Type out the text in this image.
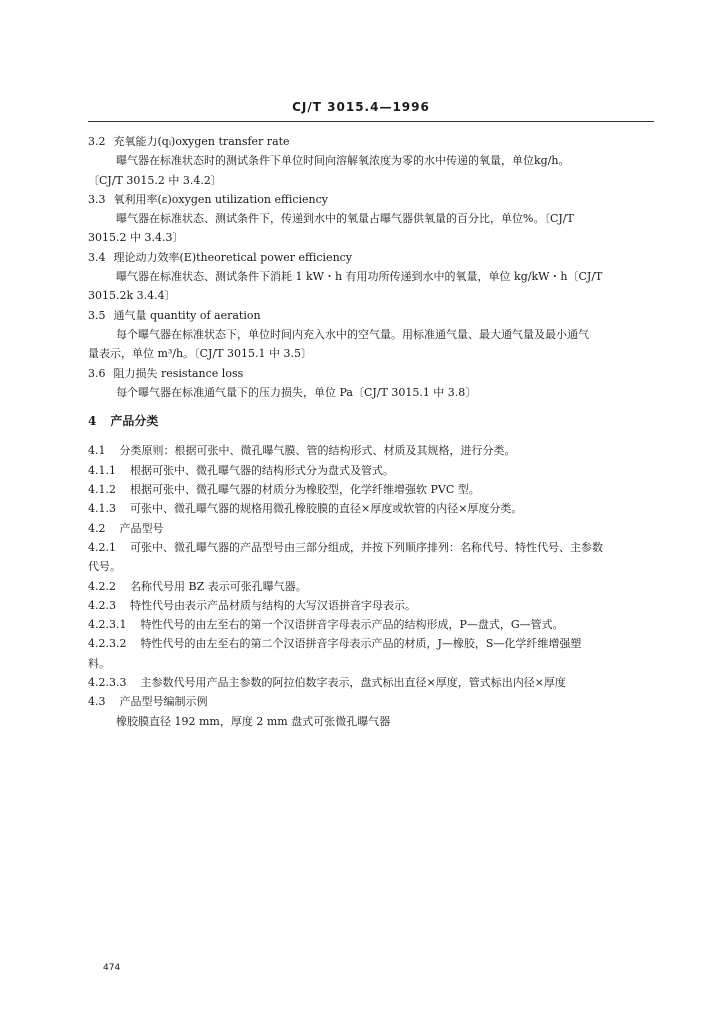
CJ/T 3015.4—1996
3.2 充氧能力(qᵢ)oxygen transfer rate
曝气器在标准状态时的测试条件下单位时间向溶解氧浓度为零的水中传递的氧量，单位kg/h。
〔CJ/T 3015.2 中 3.4.2〕
3.3 氧利用率(ε)oxygen utilization efficiency
曝气器在标准状态、测试条件下，传递到水中的氧量占曝气器供氧量的百分比，单位%。〔CJ/T
3015.2 中 3.4.3〕
3.4 理论动力效率(E)theoretical power efficiency
曝气器在标准状态、测试条件下消耗 1 kW・h 有用功所传递到水中的氧量，单位 kg/kW・h〔CJ/T
3015.2k 3.4.4〕
3.5 通气量 quantity of aeration
每个曝气器在标准状态下，单位时间内充入水中的空气量。用标准通气量、最大通气量及最小通气
量表示，单位 m³/h。〔CJ/T 3015.1 中 3.5〕
3.6 阻力损失 resistance loss
每个曝气器在标准通气量下的压力损失，单位 Pa〔CJ/T 3015.1 中 3.8〕
4 产品分类
4.1 分类原则：根据可张中、微孔曝气膜、管的结构形式、材质及其规格，进行分类。
4.1.1 根据可张中、微孔曝气器的结构形式分为盘式及管式。
4.1.2 根据可张中、微孔曝气器的材质分为橡胶型，化学纤维增强软 PVC 型。
4.1.3 可张中、微孔曝气器的规格用微孔橡胶膜的直径×厚度或软管的内径×厚度分类。
4.2 产品型号
4.2.1 可张中、微孔曝气器的产品型号由三部分组成，并按下列顺序排列：名称代号、特性代号、主参数
代号。
4.2.2 名称代号用 BZ 表示可张孔曝气器。
4.2.3 特性代号由表示产品材质与结构的大写汉语拼音字母表示。
4.2.3.1 特性代号的由左至右的第一个汉语拼音字母表示产品的结构形成，P—盘式，G—管式。
4.2.3.2 特性代号的由左至右的第二个汉语拼音字母表示产品的材质，J—橡胶，S—化学纤维增强塑
料。
4.2.3.3 主参数代号用产品主参数的阿拉伯数字表示，盘式标出直径×厚度，管式标出内径×厚度
4.3 产品型号编制示例
橡胶膜直径 192 mm，厚度 2 mm 盘式可张微孔曝气器
474
